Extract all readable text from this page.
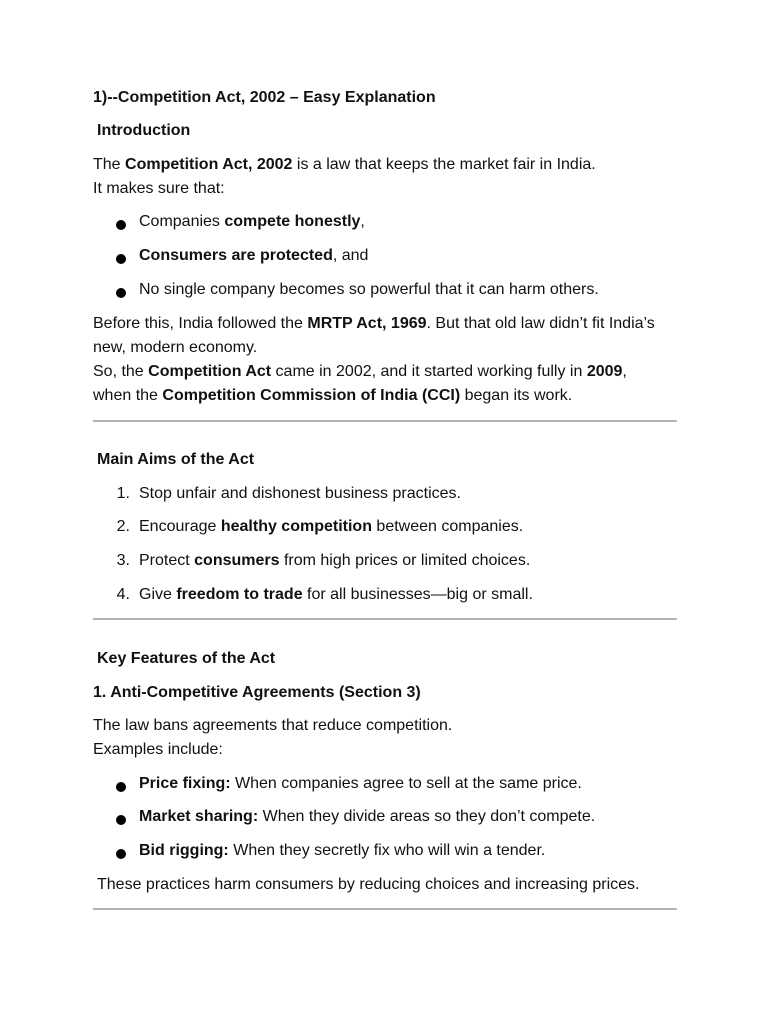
1)--Competition Act, 2002 – Easy Explanation

Introduction

The Competition Act, 2002 is a law that keeps the market fair in India.
It makes sure that:

Companies compete honestly,
Consumers are protected, and
No single company becomes so powerful that it can harm others.

Before this, India followed the MRTP Act, 1969. But that old law didn’t fit India’s new, modern economy.
So, the Competition Act came in 2002, and it started working fully in 2009,
when the Competition Commission of India (CCI) began its work.

Main Aims of the Act

1. Stop unfair and dishonest business practices.
2. Encourage healthy competition between companies.
3. Protect consumers from high prices or limited choices.
4. Give freedom to trade for all businesses—big or small.

Key Features of the Act

1. Anti-Competitive Agreements (Section 3)

The law bans agreements that reduce competition.
Examples include:

Price fixing: When companies agree to sell at the same price.
Market sharing: When they divide areas so they don’t compete.
Bid rigging: When they secretly fix who will win a tender.

These practices harm consumers by reducing choices and increasing prices.
